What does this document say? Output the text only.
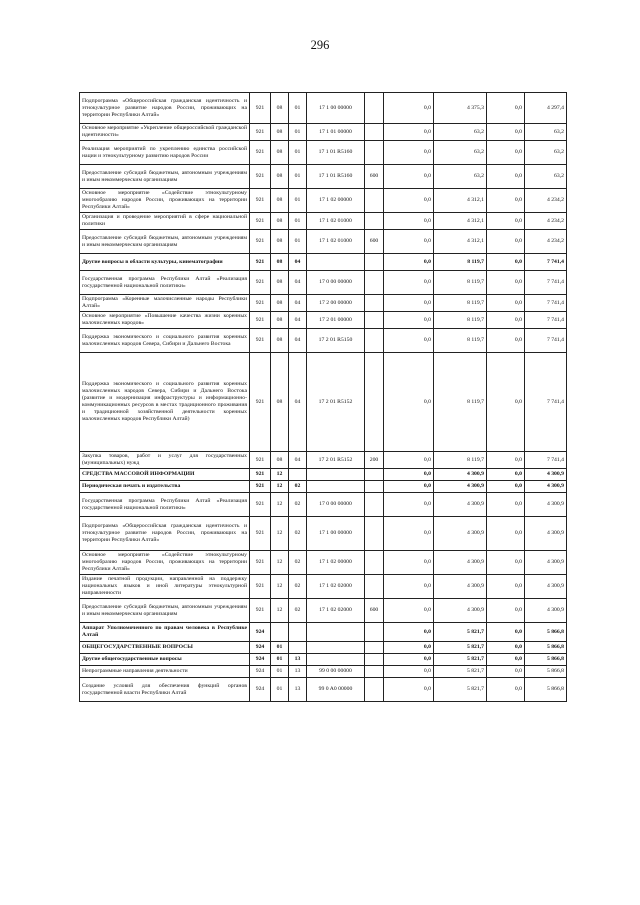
296
Подпрограмма «Общероссийская гражданская идентичность и этнокультурное развитие народов России, проживающих на территории Республики Алтай»	921	08	01	17 1 00 00000		0,0	4 375,3	0,0	4 297,4
Основное мероприятие «Укрепление общероссийской гражданской идентичности»	921	08	01	17 1 01 00000		0,0	63,2	0,0	63,2
Реализация мероприятий по укреплению единства российской нации и этнокультурному развитию народов России	921	08	01	17 1 01 R5160		0,0	63,2	0,0	63,2
Предоставление субсидий бюджетным, автономным учреждениям и иным некоммерческим организациям	921	08	01	17 1 01 R5160	600	0,0	63,2	0,0	63,2
Основное мероприятие «Содействие этнокультурному многообразию народов России, проживающих на территории Республики Алтай»	921	08	01	17 1 02 00000		0,0	4 312,1	0,0	4 234,2
Организация и проведение мероприятий в сфере национальной политики	921	08	01	17 1 02 01000		0,0	4 312,1	0,0	4 234,2
Предоставление субсидий бюджетным, автономным учреждениям и иным некоммерческим организациям	921	08	01	17 1 02 01000	600	0,0	4 312,1	0,0	4 234,2
Другие вопросы в области культуры, кинематографии	921	08	04			0,0	8 119,7	0,0	7 741,4
Государственная программа Республики Алтай «Реализация государственной национальной политики»	921	08	04	17 0 00 00000		0,0	8 119,7	0,0	7 741,4
Подпрограмма «Коренные малочисленные народы Республики Алтай»	921	08	04	17 2 00 00000		0,0	8 119,7	0,0	7 741,4
Основное мероприятие «Повышение качества жизни коренных малочисленных народов»	921	08	04	17 2 01 00000		0,0	8 119,7	0,0	7 741,4
Поддержка экономического и социального развития коренных малочисленных народов Севера, Сибири и Дальнего Востока	921	08	04	17 2 01 R5150		0,0	8 119,7	0,0	7 741,4
Поддержка экономического и социального развития коренных малочисленных народов Севера, Сибири и Дальнего Востока (развитие и модернизация инфраструктуры и информационно-коммуникационных ресурсов в местах традиционного проживания и традиционной хозяйственной деятельности коренных малочисленных народов Республики Алтай)	921	08	04	17 2 01 R5152		0,0	8 119,7	0,0	7 741,4
Закупка товаров, работ и услуг для государственных (муниципальных) нужд	921	08	04	17 2 01 R5152	200	0,0	8 119,7	0,0	7 741,4
СРЕДСТВА МАССОВОЙ ИНФОРМАЦИИ	921	12				0,0	4 300,9	0,0	4 300,9
Периодическая печать и издательства	921	12	02			0,0	4 300,9	0,0	4 300,9
Государственная программа Республики Алтай «Реализация государственной национальной политики»	921	12	02	17 0 00 00000		0,0	4 300,9	0,0	4 300,9
Подпрограмма «Общероссийская гражданская идентичность и этнокультурное развитие народов России, проживающих на территории Республики Алтай»	921	12	02	17 1 00 00000		0,0	4 300,9	0,0	4 300,9
Основное мероприятие «Содействие этнокультурному многообразию народов России, проживающих на территории Республики Алтай»	921	12	02	17 1 02 00000		0,0	4 300,9	0,0	4 300,9
Издание печатной продукции, направленной на поддержку национальных языков и иной литературы этнокультурной направленности	921	12	02	17 1 02 02000		0,0	4 300,9	0,0	4 300,9
Предоставление субсидий бюджетным, автономным учреждениям и иным некоммерческим организациям	921	12	02	17 1 02 02000	600	0,0	4 300,9	0,0	4 300,9
Аппарат Уполномоченного по правам человека в Республике Алтай	924					0,0	5 821,7	0,0	5 866,8
ОБЩЕГОСУДАРСТВЕННЫЕ ВОПРОСЫ	924	01				0,0	5 821,7	0,0	5 866,8
Другие общегосударственные вопросы	924	01	13			0,0	5 821,7	0,0	5 866,8
Непрограммные направления деятельности	924	01	13	99 0 00 00000		0,0	5 821,7	0,0	5 866,8
Создание условий для обеспечения функций органов государственной власти Республики Алтай	924	01	13	99 0 A0 00000		0,0	5 821,7	0,0	5 866,8
